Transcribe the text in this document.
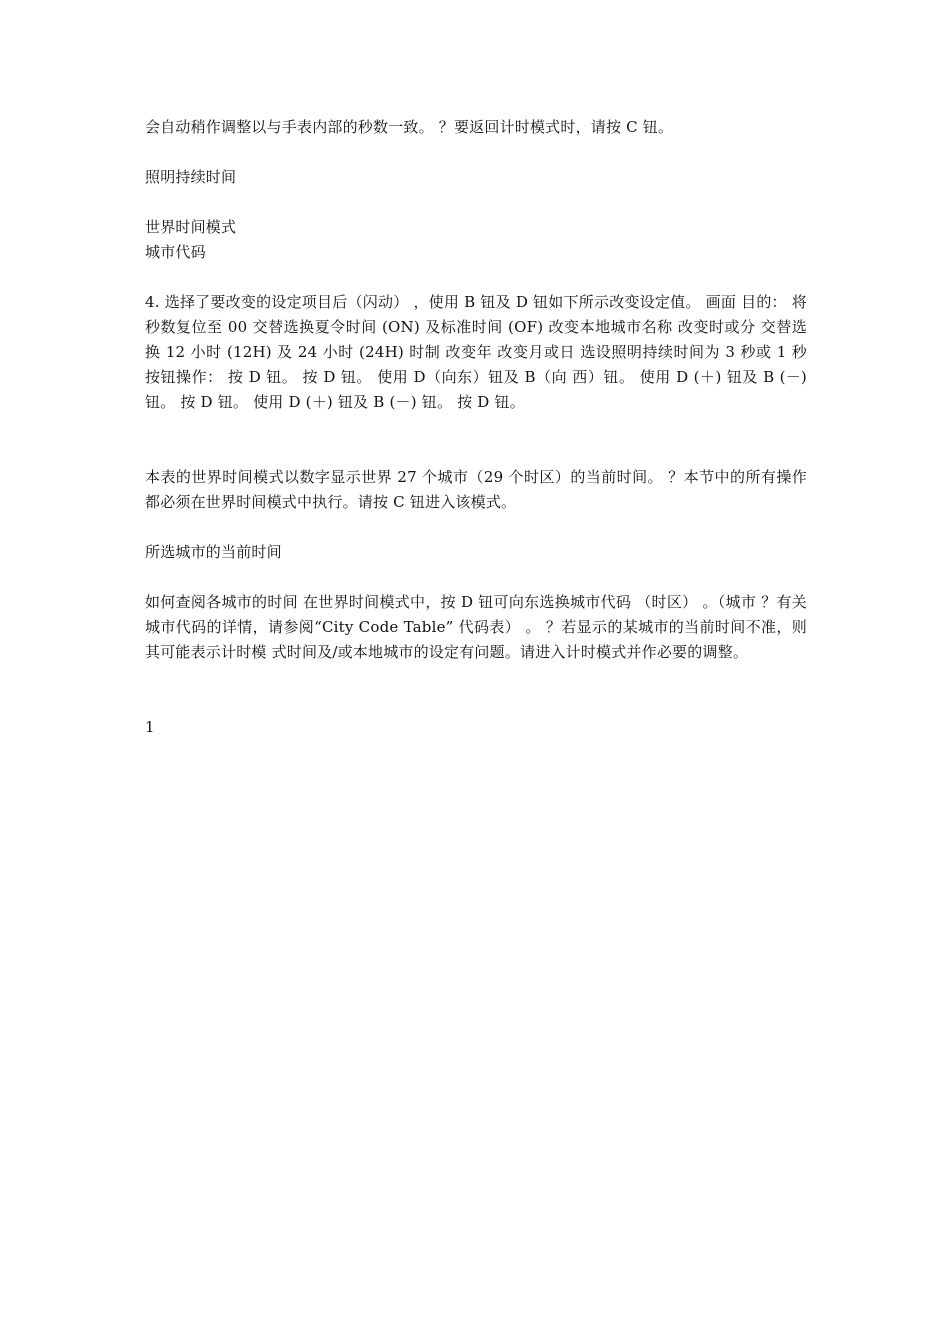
会自动稍作调整以与手表内部的秒数一致。 ？要返回计时模式时，请按 C 钮。
照明持续时间
世界时间模式
城市代码
4. 选择了要改变的设定项目后（闪动） ，使用 B 钮及 D 钮如下所示改变设定值。 画面 目的： 将秒数复位至 00 交替选换夏令时间 (ON) 及标准时间 (OF) 改变本地城市名称 改变时或分 交替选换 12 小时 (12H) 及 24 小时 (24H) 时制 改变年 改变月或日 选设照明持续时间为 3 秒或 1 秒 按钮操作： 按 D 钮。 按 D 钮。 使用 D（向东）钮及 B（向 西）钮。 使用 D (＋) 钮及 B (－) 钮。 按 D 钮。 使用 D (＋) 钮及 B (－) 钮。 按 D 钮。
本表的世界时间模式以数字显示世界 27 个城市（29 个时区）的当前时间。 ？本节中的所有操作都必须在世界时间模式中执行。请按 C 钮进入该模式。
所选城市的当前时间
如何查阅各城市的时间 在世界时间模式中，按 D 钮可向东选换城市代码 （时区） 。（城市 ？有关城市代码的详情，请参阅“City Code Table” 代码表） 。 ？若显示的某城市的当前时间不准，则其可能表示计时模 式时间及/或本地城市的设定有问题。请进入计时模式并作必要的调整。
1
